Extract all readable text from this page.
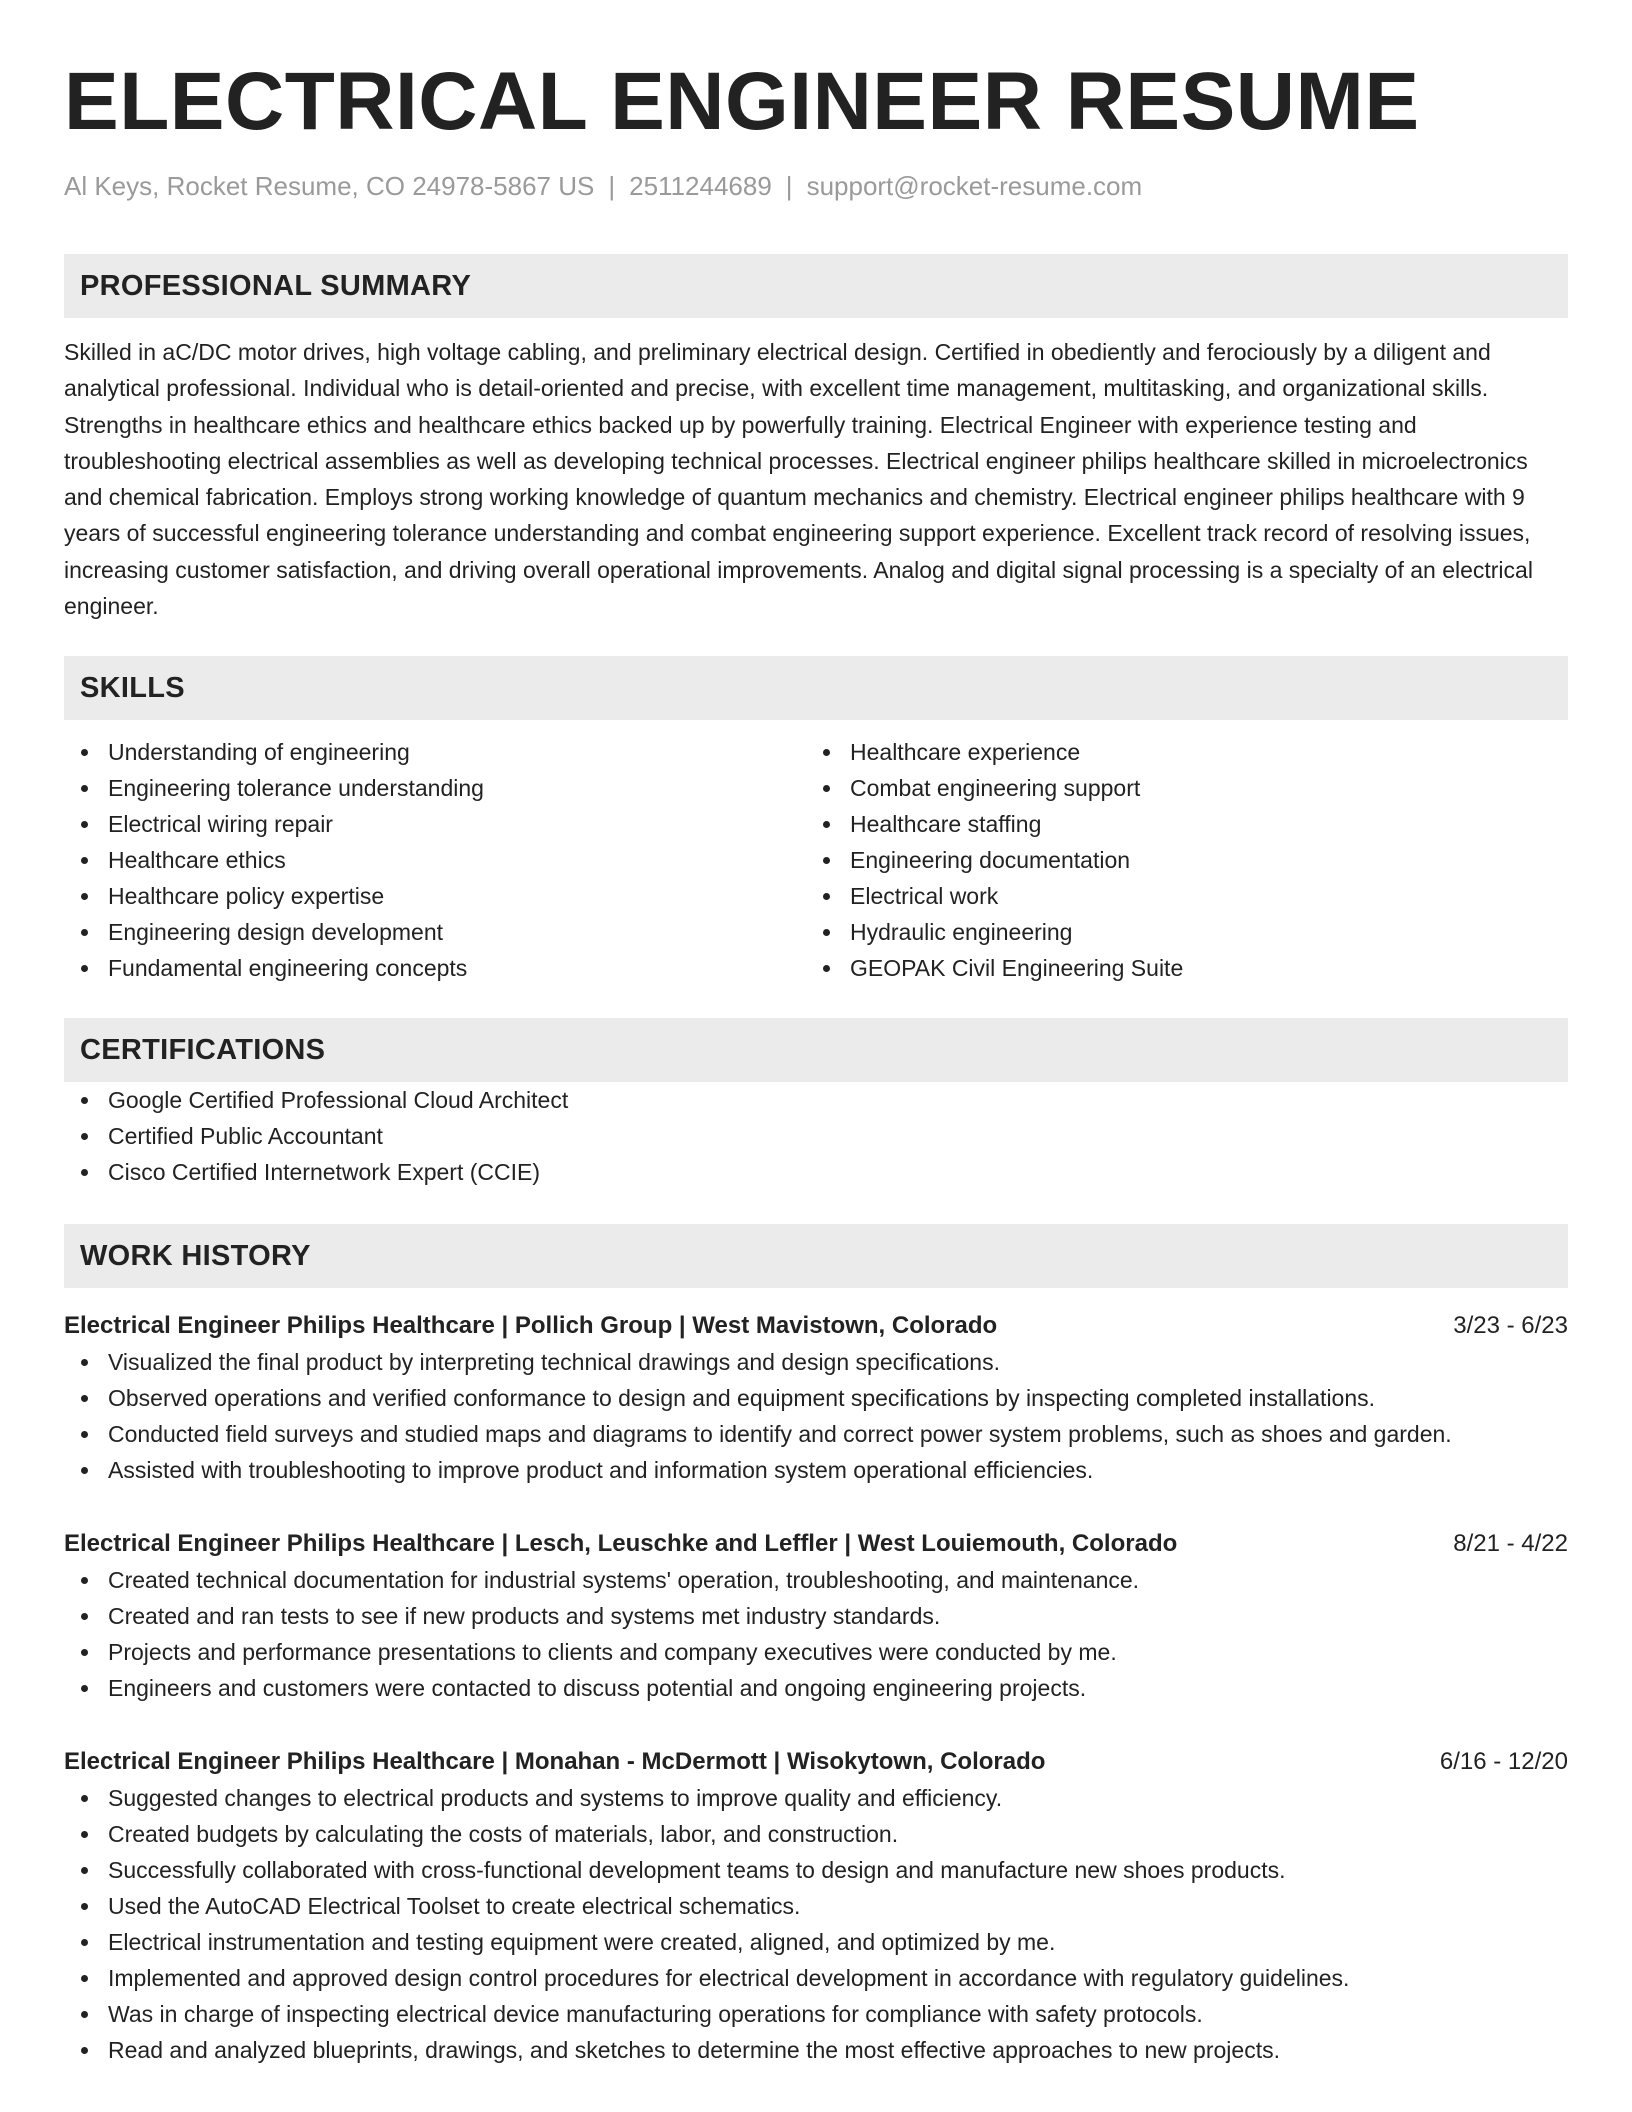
ELECTRICAL ENGINEER RESUME
Al Keys, Rocket Resume, CO 24978-5867 US | 2511244689 | support@rocket-resume.com
PROFESSIONAL SUMMARY
Skilled in aC/DC motor drives, high voltage cabling, and preliminary electrical design. Certified in obediently and ferociously by a diligent and analytical professional. Individual who is detail-oriented and precise, with excellent time management, multitasking, and organizational skills. Strengths in healthcare ethics and healthcare ethics backed up by powerfully training. Electrical Engineer with experience testing and troubleshooting electrical assemblies as well as developing technical processes. Electrical engineer philips healthcare skilled in microelectronics and chemical fabrication. Employs strong working knowledge of quantum mechanics and chemistry. Electrical engineer philips healthcare with 9 years of successful engineering tolerance understanding and combat engineering support experience. Excellent track record of resolving issues, increasing customer satisfaction, and driving overall operational improvements. Analog and digital signal processing is a specialty of an electrical engineer.
SKILLS
Understanding of engineering
Engineering tolerance understanding
Electrical wiring repair
Healthcare ethics
Healthcare policy expertise
Engineering design development
Fundamental engineering concepts
Healthcare experience
Combat engineering support
Healthcare staffing
Engineering documentation
Electrical work
Hydraulic engineering
GEOPAK Civil Engineering Suite
CERTIFICATIONS
Google Certified Professional Cloud Architect
Certified Public Accountant
Cisco Certified Internetwork Expert (CCIE)
WORK HISTORY
Electrical Engineer Philips Healthcare | Pollich Group | West Mavistown, Colorado	3/23 - 6/23
Visualized the final product by interpreting technical drawings and design specifications.
Observed operations and verified conformance to design and equipment specifications by inspecting completed installations.
Conducted field surveys and studied maps and diagrams to identify and correct power system problems, such as shoes and garden.
Assisted with troubleshooting to improve product and information system operational efficiencies.
Electrical Engineer Philips Healthcare | Lesch, Leuschke and Leffler | West Louiemouth, Colorado	8/21 - 4/22
Created technical documentation for industrial systems' operation, troubleshooting, and maintenance.
Created and ran tests to see if new products and systems met industry standards.
Projects and performance presentations to clients and company executives were conducted by me.
Engineers and customers were contacted to discuss potential and ongoing engineering projects.
Electrical Engineer Philips Healthcare | Monahan - McDermott | Wisokytown, Colorado	6/16 - 12/20
Suggested changes to electrical products and systems to improve quality and efficiency.
Created budgets by calculating the costs of materials, labor, and construction.
Successfully collaborated with cross-functional development teams to design and manufacture new shoes products.
Used the AutoCAD Electrical Toolset to create electrical schematics.
Electrical instrumentation and testing equipment were created, aligned, and optimized by me.
Implemented and approved design control procedures for electrical development in accordance with regulatory guidelines.
Was in charge of inspecting electrical device manufacturing operations for compliance with safety protocols.
Read and analyzed blueprints, drawings, and sketches to determine the most effective approaches to new projects.
